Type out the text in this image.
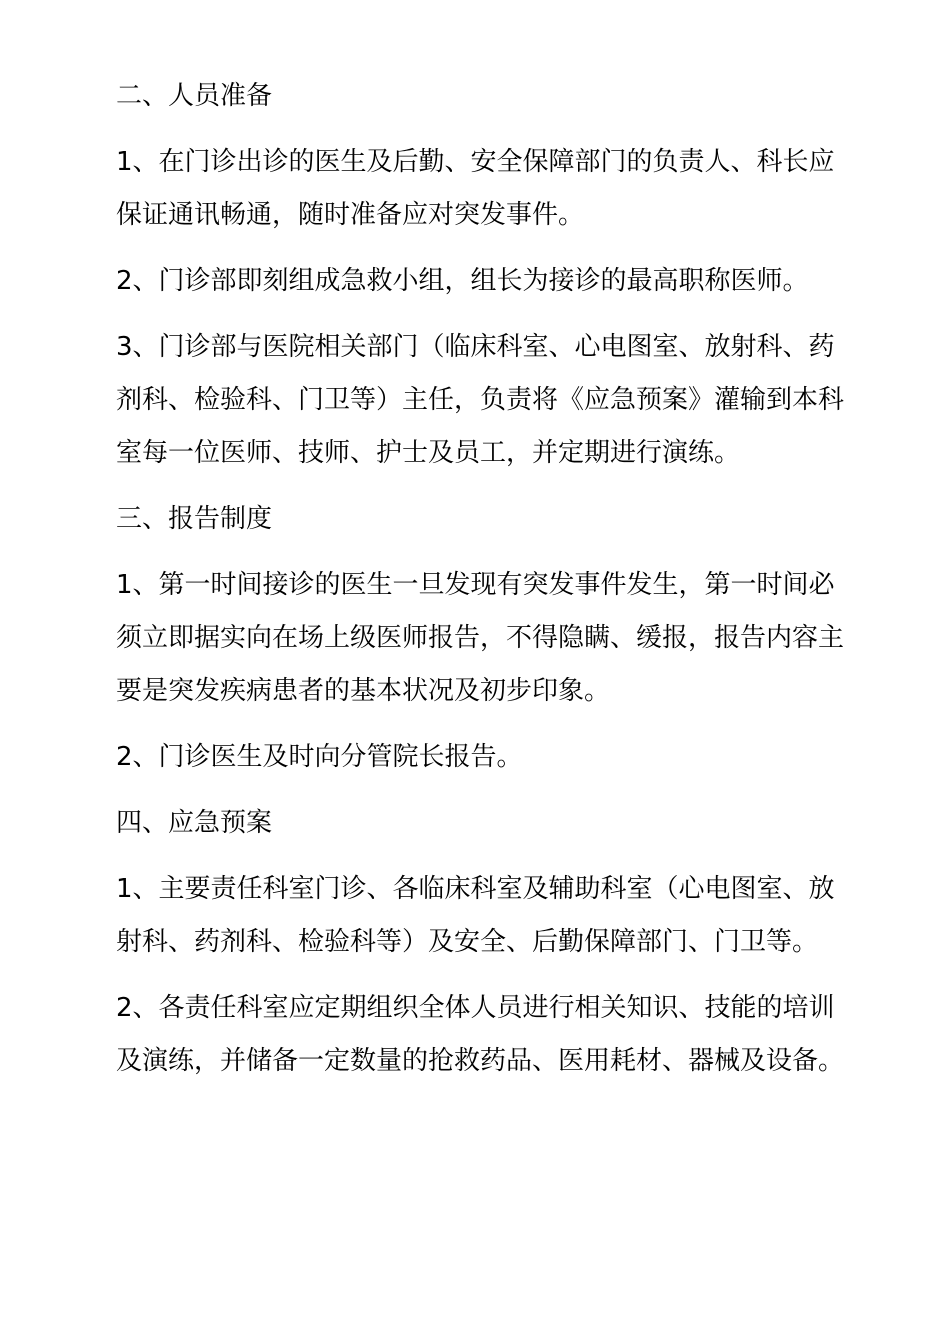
二、人员准备

1、在门诊出诊的医生及后勤、安全保障部门的负责人、科长应保证通讯畅通，随时准备应对突发事件。

2、门诊部即刻组成急救小组，组长为接诊的最高职称医师。

3、门诊部与医院相关部门（临床科室、心电图室、放射科、药剂科、检验科、门卫等）主任，负责将《应急预案》灌输到本科室每一位医师、技师、护士及员工，并定期进行演练。

三、报告制度

1、第一时间接诊的医生一旦发现有突发事件发生，第一时间必须立即据实向在场上级医师报告，不得隐瞒、缓报，报告内容主要是突发疾病患者的基本状况及初步印象。

2、门诊医生及时向分管院长报告。

四、应急预案

1、主要责任科室门诊、各临床科室及辅助科室（心电图室、放射科、药剂科、检验科等）及安全、后勤保障部门、门卫等。

2、各责任科室应定期组织全体人员进行相关知识、技能的培训及演练，并储备一定数量的抢救药品、医用耗材、器械及设备。
